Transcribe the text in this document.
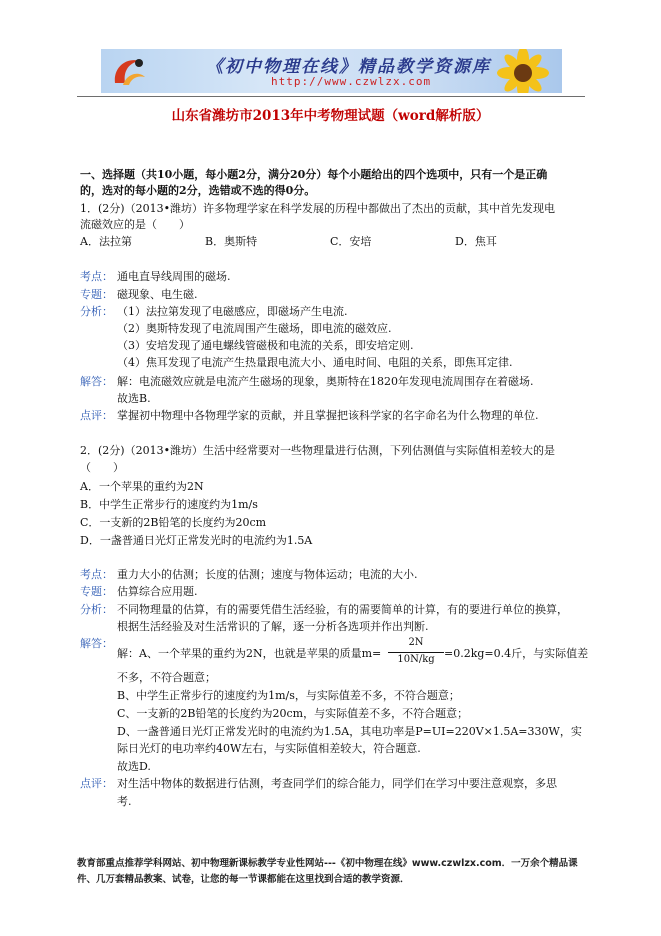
《初中物理在线》精品教学资源库
http://www.czwlzx.com
山东省潍坊市2013年中考物理试题（word解析版）
一、选择题（共10小题，每小题2分，满分20分）每个小题给出的四个选项中，只有一个是正确
的，选对的每小题的2分，选错或不选的得0分。
1．(2分)（2013•潍坊）许多物理学家在科学发展的历程中都做出了杰出的贡献，其中首先发现电
流磁效应的是（　　）
A．法拉第	B．奥斯特	C．安培	D．焦耳
考点： 通电直导线周围的磁场.
专题： 磁现象、电生磁.
分析： （1）法拉第发现了电磁感应，即磁场产生电流.
（2）奥斯特发现了电流周围产生磁场，即电流的磁效应.
（3）安培发现了通电螺线管磁极和电流的关系，即安培定则.
（4）焦耳发现了电流产生热量跟电流大小、通电时间、电阻的关系，即焦耳定律.
解答： 解：电流磁效应就是电流产生磁场的现象，奥斯特在1820年发现电流周围存在着磁场.
故选B.
点评： 掌握初中物理中各物理学家的贡献，并且掌握把该科学家的名字命名为什么物理的单位.
2．(2分)（2013•潍坊）生活中经常要对一些物理量进行估测，下列估测值与实际值相差较大的是
（　　）
A．一个苹果的重约为2N
B．中学生正常步行的速度约为1m/s
C．一支新的2B铅笔的长度约为20cm
D．一盏普通日光灯正常发光时的电流约为1.5A
考点： 重力大小的估测；长度的估测；速度与物体运动；电流的大小.
专题： 估算综合应用题.
分析： 不同物理量的估算，有的需要凭借生活经验，有的需要简单的计算，有的要进行单位的换算，
根据生活经验及对生活常识的了解，逐一分析各选项并作出判断.
解答：
解：A、一个苹果的重约为2N，也就是苹果的质量m=
2N
10N/kg =0.2kg=0.4斤，与实际值差
不多，不符合题意；
B、中学生正常步行的速度约为1m/s，与实际值差不多，不符合题意；
C、一支新的2B铅笔的长度约为20cm，与实际值差不多，不符合题意；
D、一盏普通日光灯正常发光时的电流约为1.5A，其电功率是P=UI=220V×1.5A=330W，实
际日光灯的电功率约40W左右，与实际值相差较大，符合题意.
故选D.
点评： 对生活中物体的数据进行估测，考查同学们的综合能力，同学们在学习中要注意观察，多思
考.
教育部重点推荐学科网站、初中物理新课标教学专业性网站---《初中物理在线》www.czwlzx.com．一万余个精品课
件、几万套精品教案、试卷，让您的每一节课都能在这里找到合适的教学资源．
